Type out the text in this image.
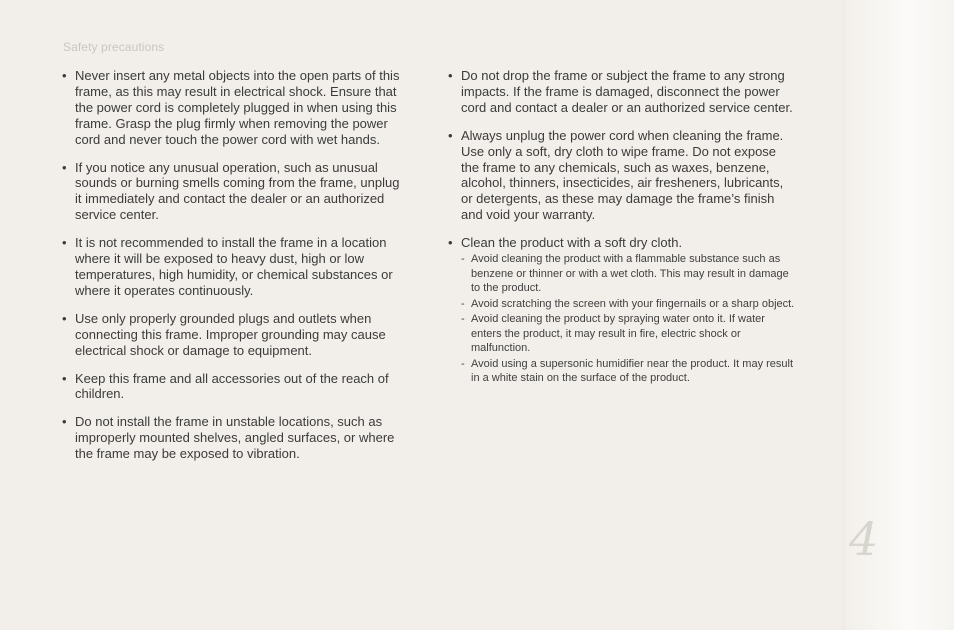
Safety precautions
• Never insert any metal objects into the open parts of this frame, as this may result in electrical shock. Ensure that the power cord is completely plugged in when using this frame. Grasp the plug firmly when removing the power cord and never touch the power cord with wet hands.
• If you notice any unusual operation, such as unusual sounds or burning smells coming from the frame, unplug it immediately and contact the dealer or an authorized service center.
• It is not recommended to install the frame in a location where it will be exposed to heavy dust, high or low temperatures, high humidity, or chemical substances or where it operates continuously.
• Use only properly grounded plugs and outlets when connecting this frame. Improper grounding may cause electrical shock or damage to equipment.
• Keep this frame and all accessories out of the reach of children.
• Do not install the frame in unstable locations, such as improperly mounted shelves, angled surfaces, or where the frame may be exposed to vibration.
• Do not drop the frame or subject the frame to any strong impacts. If the frame is damaged, disconnect the power cord and contact a dealer or an authorized service center.
• Always unplug the power cord when cleaning the frame. Use only a soft, dry cloth to wipe frame. Do not expose the frame to any chemicals, such as waxes, benzene, alcohol, thinners, insecticides, air fresheners, lubricants, or detergents, as these may damage the frame’s finish and void your warranty.
• Clean the product with a soft dry cloth.
- Avoid cleaning the product with a flammable substance such as benzene or thinner or with a wet cloth. This may result in damage to the product.
- Avoid scratching the screen with your fingernails or a sharp object.
- Avoid cleaning the product by spraying water onto it. If water enters the product, it may result in fire, electric shock or malfunction.
- Avoid using a supersonic humidifier near the product. It may result in a white stain on the surface of the product.
4
